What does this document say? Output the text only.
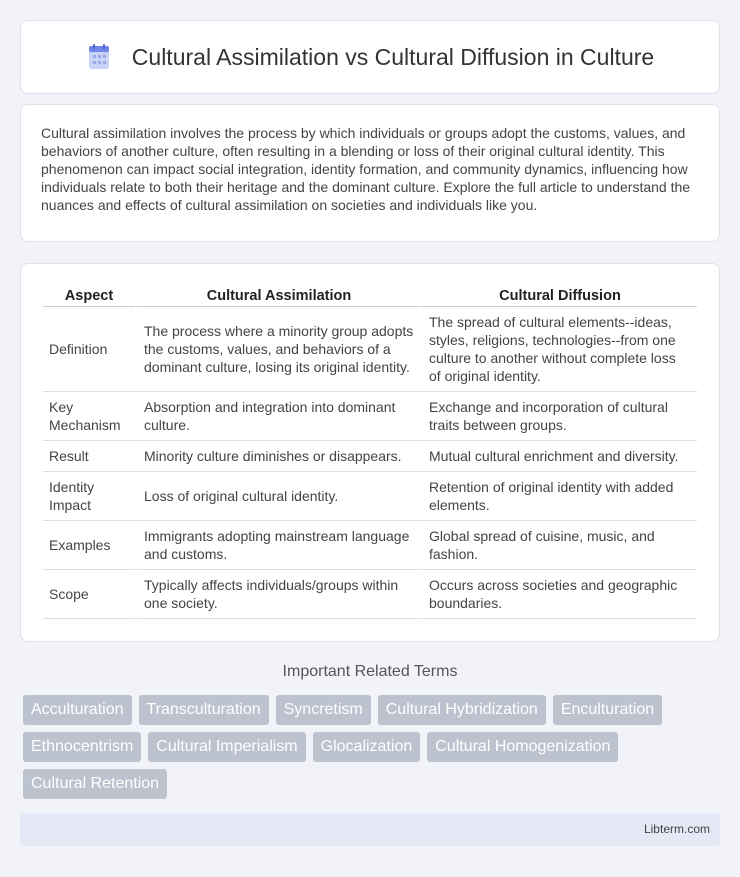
Cultural Assimilation vs Cultural Diffusion in Culture

Cultural assimilation involves the process by which individuals or groups adopt the customs, values, and behaviors of another culture, often resulting in a blending or loss of their original cultural identity. This phenomenon can impact social integration, identity formation, and community dynamics, influencing how individuals relate to both their heritage and the dominant culture. Explore the full article to understand the nuances and effects of cultural assimilation on societies and individuals like you.

Aspect	Cultural Assimilation	Cultural Diffusion
Definition	The process where a minority group adopts the customs, values, and behaviors of a dominant culture, losing its original identity.	The spread of cultural elements--ideas, styles, religions, technologies--from one culture to another without complete loss of original identity.
Key Mechanism	Absorption and integration into dominant culture.	Exchange and incorporation of cultural traits between groups.
Result	Minority culture diminishes or disappears.	Mutual cultural enrichment and diversity.
Identity Impact	Loss of original cultural identity.	Retention of original identity with added elements.
Examples	Immigrants adopting mainstream language and customs.	Global spread of cuisine, music, and fashion.
Scope	Typically affects individuals/groups within one society.	Occurs across societies and geographic boundaries.
Important Related Terms
Acculturation	Transculturation	Syncretism	Cultural Hybridization	Enculturation
Ethnocentrism	Cultural Imperialism	Glocalization	Cultural Homogenization
Cultural Retention
Libterm.com
